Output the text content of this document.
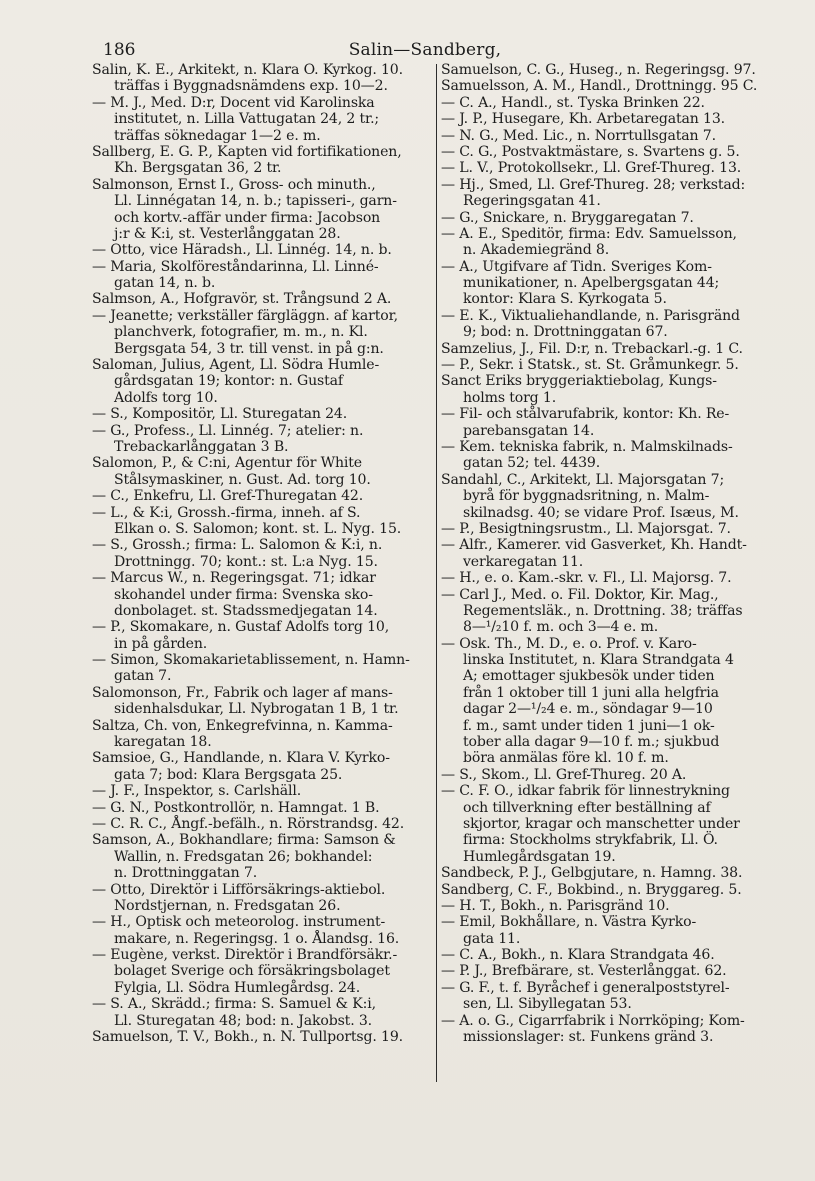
186	Salin—Sandberg,
Salin, K. E., Arkitekt, n. Klara O. Kyrkog. 10.
träffas i Byggnadsnämdens exp. 10—2.
— M. J., Med. D:r, Docent vid Karolinska
institutet, n. Lilla Vattugatan 24, 2 tr.;
träffas söknedagar 1—2 e. m.
Sallberg, E. G. P., Kapten vid fortifikationen,
Kh. Bergsgatan 36, 2 tr.
Salmonson, Ernst I., Gross- och minuth.,
Ll. Linnégatan 14, n. b.; tapisseri-, garn-
och kortv.-affär under firma: Jacobson
j:r & K:i, st. Vesterlånggatan 28.
— Otto, vice Häradsh., Ll. Linnég. 14, n. b.
— Maria, Skolföreståndarinna, Ll. Linné-
gatan 14, n. b.
Salmson, A., Hofgravör, st. Trångsund 2 A.
— Jeanette; verkställer färgläggn. af kartor,
planchverk, fotografier, m. m., n. Kl.
Bergsgata 54, 3 tr. till venst. in på g:n.
Saloman, Julius, Agent, Ll. Södra Humle-
gårdsgatan 19; kontor: n. Gustaf
Adolfs torg 10.
— S., Kompositör, Ll. Sturegatan 24.
— G., Profess., Ll. Linnég. 7; atelier: n.
Trebackarlånggatan 3 B.
Salomon, P., & C:ni, Agentur för White
Stålsymaskiner, n. Gust. Ad. torg 10.
— C., Enkefru, Ll. Gref-Thuregatan 42.
— L., & K:i, Grossh.-firma, inneh. af S.
Elkan o. S. Salomon; kont. st. L. Nyg. 15.
— S., Grossh.; firma: L. Salomon & K:i, n.
Drottningg. 70; kont.: st. L:a Nyg. 15.
— Marcus W., n. Regeringsgat. 71; idkar
skohandel under firma: Svenska sko-
donbolaget. st. Stadssmedjegatan 14.
— P., Skomakare, n. Gustaf Adolfs torg 10,
in på gården.
— Simon, Skomakarietablissement, n. Hamn-
gatan 7.
Salomonson, Fr., Fabrik och lager af mans-
sidenhalsdukar, Ll. Nybrogatan 1 B, 1 tr.
Saltza, Ch. von, Enkegrefvinna, n. Kamma-
karegatan 18.
Samsioe, G., Handlande, n. Klara V. Kyrko-
gata 7; bod: Klara Bergsgata 25.
— J. F., Inspektor, s. Carlshäll.
— G. N., Postkontrollör, n. Hamngat. 1 B.
— C. R. C., Ångf.-befälh., n. Rörstrandsg. 42.
Samson, A., Bokhandlare; firma: Samson &
Wallin, n. Fredsgatan 26; bokhandel:
n. Drottninggatan 7.
— Otto, Direktör i Lifförsäkrings-aktiebol.
Nordstjernan, n. Fredsgatan 26.
— H., Optisk och meteorolog. instrument-
makare, n. Regeringsg. 1 o. Ålandsg. 16.
— Eugène, verkst. Direktör i Brandförsäkr.-
bolaget Sverige och försäkringsbolaget
Fylgia, Ll. Södra Humlegårdsg. 24.
— S. A., Skrädd.; firma: S. Samuel & K:i,
Ll. Sturegatan 48; bod: n. Jakobst. 3.
Samuelson, T. V., Bokh., n. N. Tullportsg. 19.
Samuelson, C. G., Huseg., n. Regeringsg. 97.
Samuelsson, A. M., Handl., Drottningg. 95 C.
— C. A., Handl., st. Tyska Brinken 22.
— J. P., Husegare, Kh. Arbetaregatan 13.
— N. G., Med. Lic., n. Norrtullsgatan 7.
— C. G., Postvaktmästare, s. Svartens g. 5.
— L. V., Protokollsekr., Ll. Gref-Thureg. 13.
— Hj., Smed, Ll. Gref-Thureg. 28; verkstad:
Regeringsgatan 41.
— G., Snickare, n. Bryggaregatan 7.
— A. E., Speditör, firma: Edv. Samuelsson,
n. Akademiegränd 8.
— A., Utgifvare af Tidn. Sveriges Kom-
munikationer, n. Apelbergsgatan 44;
kontor: Klara S. Kyrkogata 5.
— E. K., Viktualiehandlande, n. Parisgränd
9; bod: n. Drottninggatan 67.
Samzelius, J., Fil. D:r, n. Trebackarl.-g. 1 C.
— P., Sekr. i Statsk., st. St. Gråmunkegr. 5.
Sanct Eriks bryggeriaktiebolag, Kungs-
holms torg 1.
— Fil- och stålvarufabrik, kontor: Kh. Re-
parebansgatan 14.
— Kem. tekniska fabrik, n. Malmskilnads-
gatan 52; tel. 4439.
Sandahl, C., Arkitekt, Ll. Majorsgatan 7;
byrå för byggnadsritning, n. Malm-
skilnadsg. 40; se vidare Prof. Isæus, M.
— P., Besigtningsrustm., Ll. Majorsgat. 7.
— Alfr., Kamerer. vid Gasverket, Kh. Handt-
verkaregatan 11.
— H., e. o. Kam.-skr. v. Fl., Ll. Majorsg. 7.
— Carl J., Med. o. Fil. Doktor, Kir. Mag.,
Regementsläk., n. Drottning. 38; träffas
8—¹/₂10 f. m. och 3—4 e. m.
— Osk. Th., M. D., e. o. Prof. v. Karo-
linska Institutet, n. Klara Strandgata 4
A; emottager sjukbesök under tiden
från 1 oktober till 1 juni alla helgfria
dagar 2—¹/₂4 e. m., söndagar 9—10
f. m., samt under tiden 1 juni—1 ok-
tober alla dagar 9—10 f. m.; sjukbud
böra anmälas före kl. 10 f. m.
— S., Skom., Ll. Gref-Thureg. 20 A.
— C. F. O., idkar fabrik för linnestrykning
och tillverkning efter beställning af
skjortor, kragar och manschetter under
firma: Stockholms strykfabrik, Ll. Ö.
Humlegårdsgatan 19.
Sandbeck, P. J., Gelbgjutare, n. Hamng. 38.
Sandberg, C. F., Bokbind., n. Bryggareg. 5.
— H. T., Bokh., n. Parisgränd 10.
— Emil, Bokhållare, n. Västra Kyrko-
gata 11.
— C. A., Bokh., n. Klara Strandgata 46.
— P. J., Brefbärare, st. Vesterlånggat. 62.
— G. F., t. f. Byråchef i generalpoststyrel-
sen, Ll. Sibyllegatan 53.
— A. o. G., Cigarrfabrik i Norrköping; Kom-
missionslager: st. Funkens gränd 3.
